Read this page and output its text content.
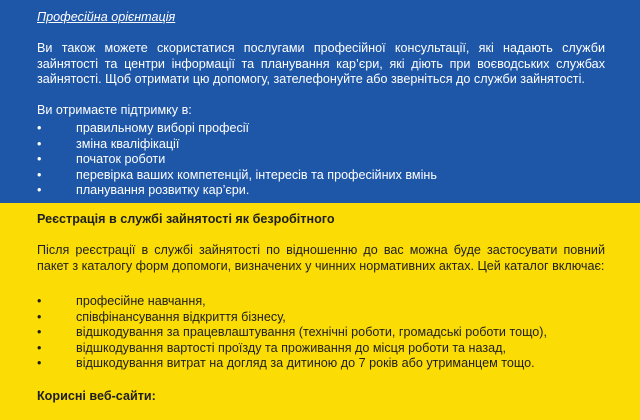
Професійна орієнтація
Ви також можете скористатися послугами професійної консультації, які надають служби зайнятості та центри інформації та планування кар’єри, які діють при воєводських службах зайнятості. Щоб отримати цю допомогу, зателефонуйте або зверніться до служби зайнятості.
Ви отримаєте підтримку в:
•	правильному виборі професії
•	зміна кваліфікації
•	початок роботи
•	перевірка ваших компетенцій, інтересів та професійних вмінь
•	планування розвитку кар’єри.
Реєстрація в службі зайнятості як безробітного
Після реєстрації в службі зайнятості по відношенню до вас можна буде застосувати повний пакет з каталогу форм допомоги, визначених у чинних нормативних актах. Цей каталог включає:
•	професійне навчання,
•	співфінансування відкриття бізнесу,
•	відшкодування за працевлаштування (технічні роботи, громадські роботи тощо),
•	відшкодування вартості проїзду та проживання до місця роботи та назад,
•	відшкодування витрат на догляд за дитиною до 7 років або утриманцем тощо.
Корисні веб-сайти:
